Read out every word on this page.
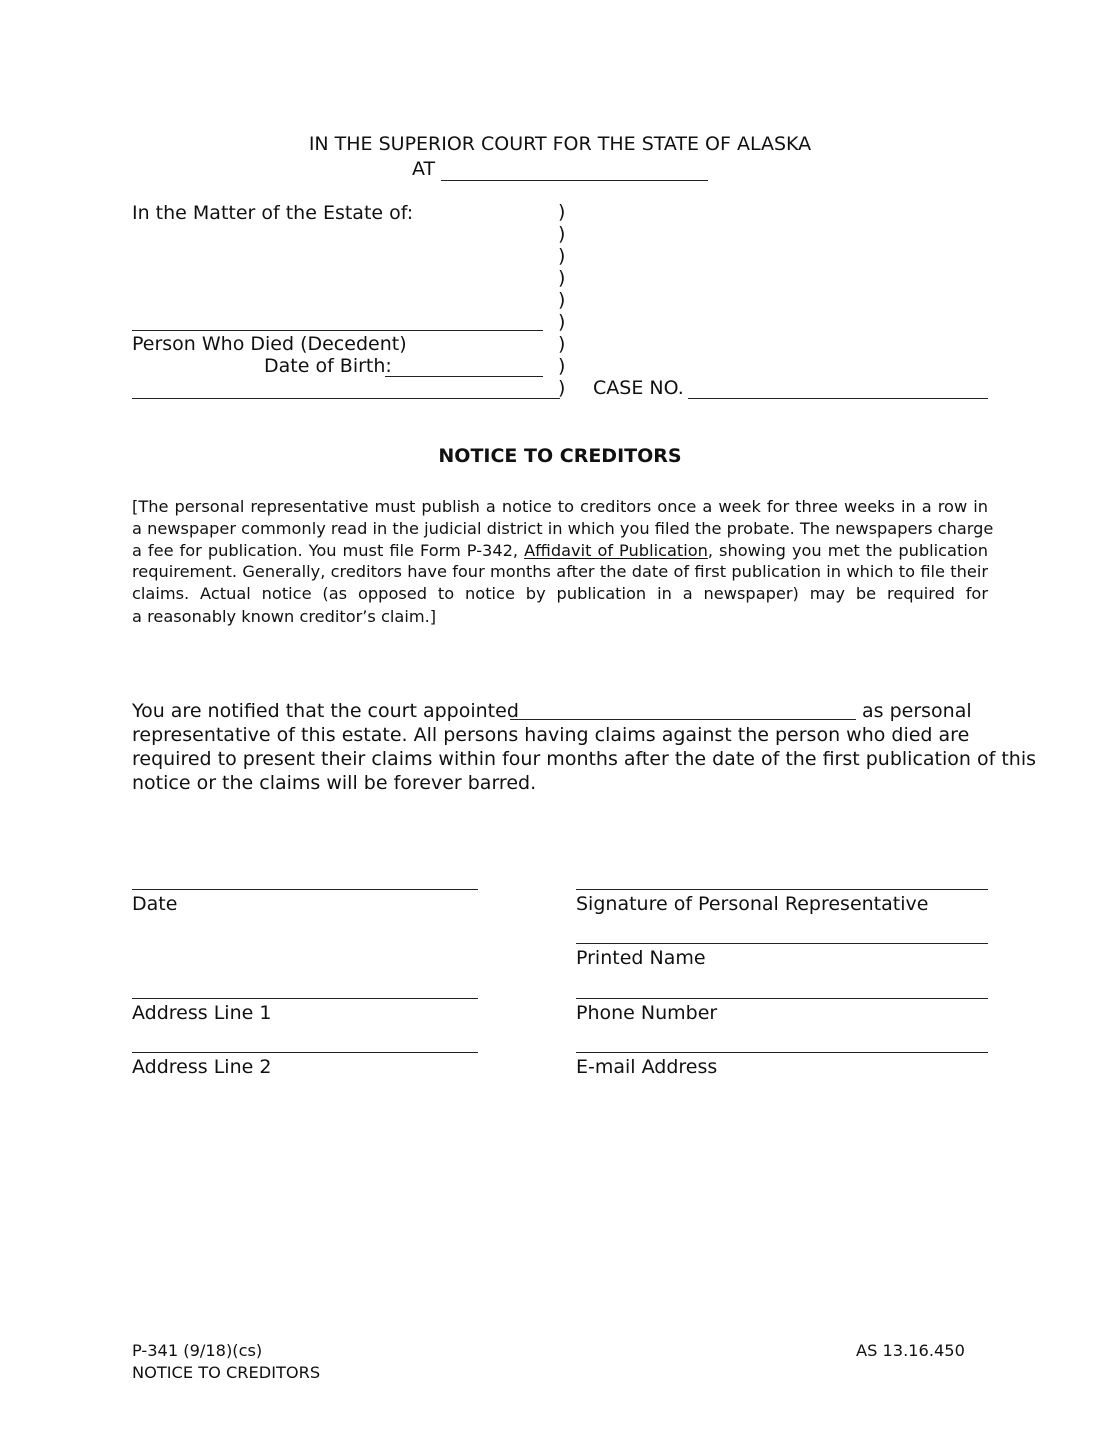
IN THE SUPERIOR COURT FOR THE STATE OF ALASKA
AT
In the Matter of the Estate of:
Person Who Died (Decedent)
Date of Birth:
)
)
)
)
)
)
)
)
) CASE NO.
NOTICE TO CREDITORS
[The personal representative must publish a notice to creditors once a week for three weeks in a row in
a newspaper commonly read in the judicial district in which you filed the probate. The newspapers charge
a fee for publication. You must file Form P-342, Affidavit of Publication, showing you met the publication
requirement. Generally, creditors have four months after the date of first publication in which to file their
claims. Actual notice (as opposed to notice by publication in a newspaper) may be required for
a reasonably known creditor’s claim.]
You are notified that the court appointed	as personal
representative of this estate. All persons having claims against the person who died are
required to present their claims within four months after the date of the first publication of this
notice or the claims will be forever barred.
Date
Address Line 1
Address Line 2
Signature of Personal Representative
Printed Name
Phone Number
E-mail Address
P-341 (9/18)(cs)
NOTICE TO CREDITORS
AS 13.16.450
